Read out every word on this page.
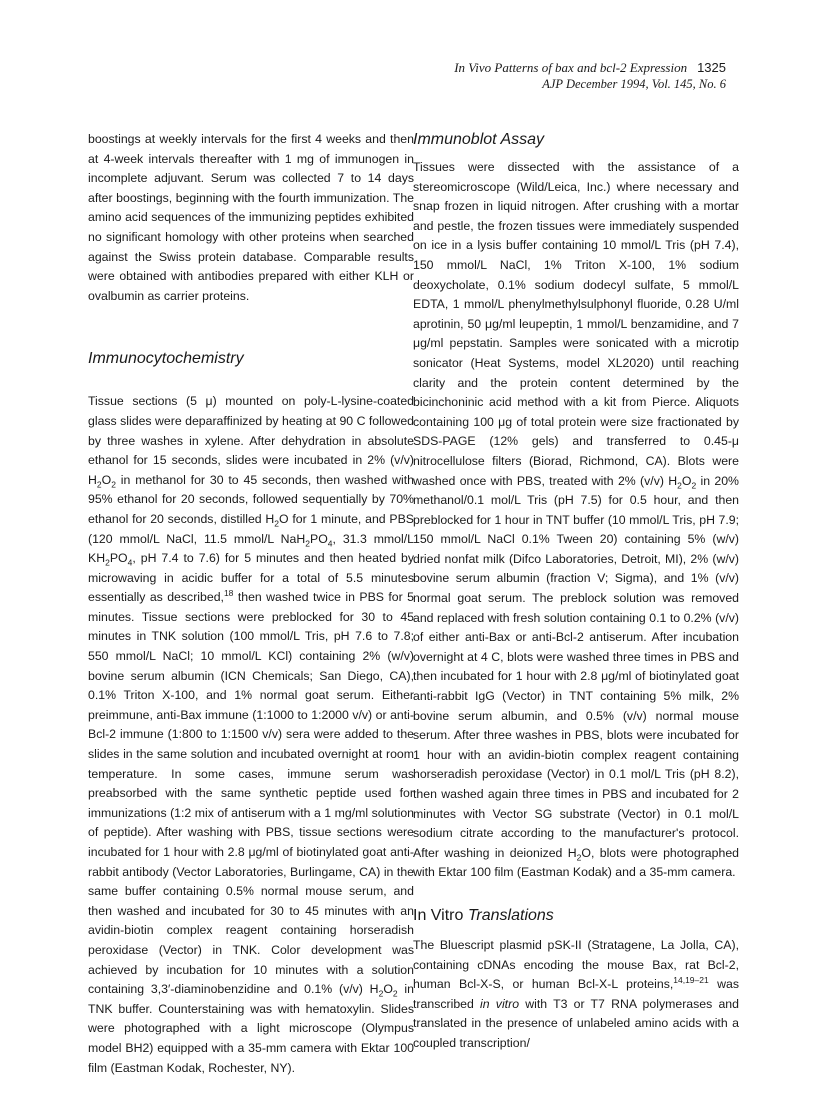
In Vivo Patterns of bax and bcl-2 Expression 1325
AJP December 1994, Vol. 145, No. 6

boostings at weekly intervals for the first 4 weeks and then at 4-week intervals thereafter with 1 mg of immunogen in incomplete adjuvant. Serum was collected 7 to 14 days after boostings, beginning with the fourth immunization. The amino acid sequences of the immunizing peptides exhibited no significant homology with other proteins when searched against the Swiss protein database. Comparable results were obtained with antibodies prepared with either KLH or ovalbumin as carrier proteins.

Immunocytochemistry

Tissue sections (5 μ) mounted on poly-L-lysine-coated glass slides were deparaffinized by heating at 90 C followed by three washes in xylene. After dehydration in absolute ethanol for 15 seconds, slides were incubated in 2% (v/v) $H_2O_2$ in methanol for 30 to 45 seconds, then washed with 95% ethanol for 20 seconds, followed sequentially by 70% ethanol for 20 seconds, distilled $H_2O$ for 1 minute, and PBS (120 mmol/L NaCl, 11.5 mmol/L $NaH_2PO_4$, 31.3 mmol/L $KH_2PO_4$, pH 7.4 to 7.6) for 5 minutes and then heated by microwaving in acidic buffer for a total of 5.5 minutes essentially as described,$^{18}$ then washed twice in PBS for 5 minutes. Tissue sections were preblocked for 30 to 45 minutes in TNK solution (100 mmol/L Tris, pH 7.6 to 7.8; 550 mmol/L NaCl; 10 mmol/L KCl) containing 2% (w/v) bovine serum albumin (ICN Chemicals; San Diego, CA), 0.1% Triton X-100, and 1% normal goat serum. Either preimmune, anti-Bax immune (1:1000 to 1:2000 v/v) or anti-Bcl-2 immune (1:800 to 1:1500 v/v) sera were added to the slides in the same solution and incubated overnight at room temperature. In some cases, immune serum was preabsorbed with the same synthetic peptide used for immunizations (1:2 mix of antiserum with a 1 mg/ml solution of peptide). After washing with PBS, tissue sections were incubated for 1 hour with 2.8 μg/ml of biotinylated goat anti-rabbit antibody (Vector Laboratories, Burlingame, CA) in the same buffer containing 0.5% normal mouse serum, and then washed and incubated for 30 to 45 minutes with an avidin-biotin complex reagent containing horseradish peroxidase (Vector) in TNK. Color development was achieved by incubation for 10 minutes with a solution containing 3,3′-diaminobenzidine and 0.1% (v/v) $H_2O_2$ in TNK buffer. Counterstaining was with hematoxylin. Slides were photographed with a light microscope (Olympus model BH2) equipped with a 35-mm camera with Ektar 100 film (Eastman Kodak, Rochester, NY).

Immunoblot Assay

Tissues were dissected with the assistance of a stereomicroscope (Wild/Leica, Inc.) where necessary and snap frozen in liquid nitrogen. After crushing with a mortar and pestle, the frozen tissues were immediately suspended on ice in a lysis buffer containing 10 mmol/L Tris (pH 7.4), 150 mmol/L NaCl, 1% Triton X-100, 1% sodium deoxycholate, 0.1% sodium dodecyl sulfate, 5 mmol/L EDTA, 1 mmol/L phenylmethylsulphonyl fluoride, 0.28 U/ml aprotinin, 50 μg/ml leupeptin, 1 mmol/L benzamidine, and 7 μg/ml pepstatin. Samples were sonicated with a microtip sonicator (Heat Systems, model XL2020) until reaching clarity and the protein content determined by the bicinchoninic acid method with a kit from Pierce. Aliquots containing 100 μg of total protein were size fractionated by SDS-PAGE (12% gels) and transferred to 0.45-μ nitrocellulose filters (Biorad, Richmond, CA). Blots were washed once with PBS, treated with 2% (v/v) $H_2O_2$ in 20% methanol/0.1 mol/L Tris (pH 7.5) for 0.5 hour, and then preblocked for 1 hour in TNT buffer (10 mmol/L Tris, pH 7.9; 150 mmol/L NaCl 0.1% Tween 20) containing 5% (w/v) dried nonfat milk (Difco Laboratories, Detroit, MI), 2% (w/v) bovine serum albumin (fraction V; Sigma), and 1% (v/v) normal goat serum. The preblock solution was removed and replaced with fresh solution containing 0.1 to 0.2% (v/v) of either anti-Bax or anti-Bcl-2 antiserum. After incubation overnight at 4 C, blots were washed three times in PBS and then incubated for 1 hour with 2.8 μg/ml of biotinylated goat anti-rabbit IgG (Vector) in TNT containing 5% milk, 2% bovine serum albumin, and 0.5% (v/v) normal mouse serum. After three washes in PBS, blots were incubated for 1 hour with an avidin-biotin complex reagent containing horseradish peroxidase (Vector) in 0.1 mol/L Tris (pH 8.2), then washed again three times in PBS and incubated for 2 minutes with Vector SG substrate (Vector) in 0.1 mol/L sodium citrate according to the manufacturer's protocol. After washing in deionized $H_2O$, blots were photographed with Ektar 100 film (Eastman Kodak) and a 35-mm camera.

In Vitro Translations

The Bluescript plasmid pSK-II (Stratagene, La Jolla, CA), containing cDNAs encoding the mouse Bax, rat Bcl-2, human Bcl-X-S, or human Bcl-X-L proteins,$^{14,19-21}$ was transcribed in vitro with T3 or T7 RNA polymerases and translated in the presence of unlabeled amino acids with a coupled transcription/
